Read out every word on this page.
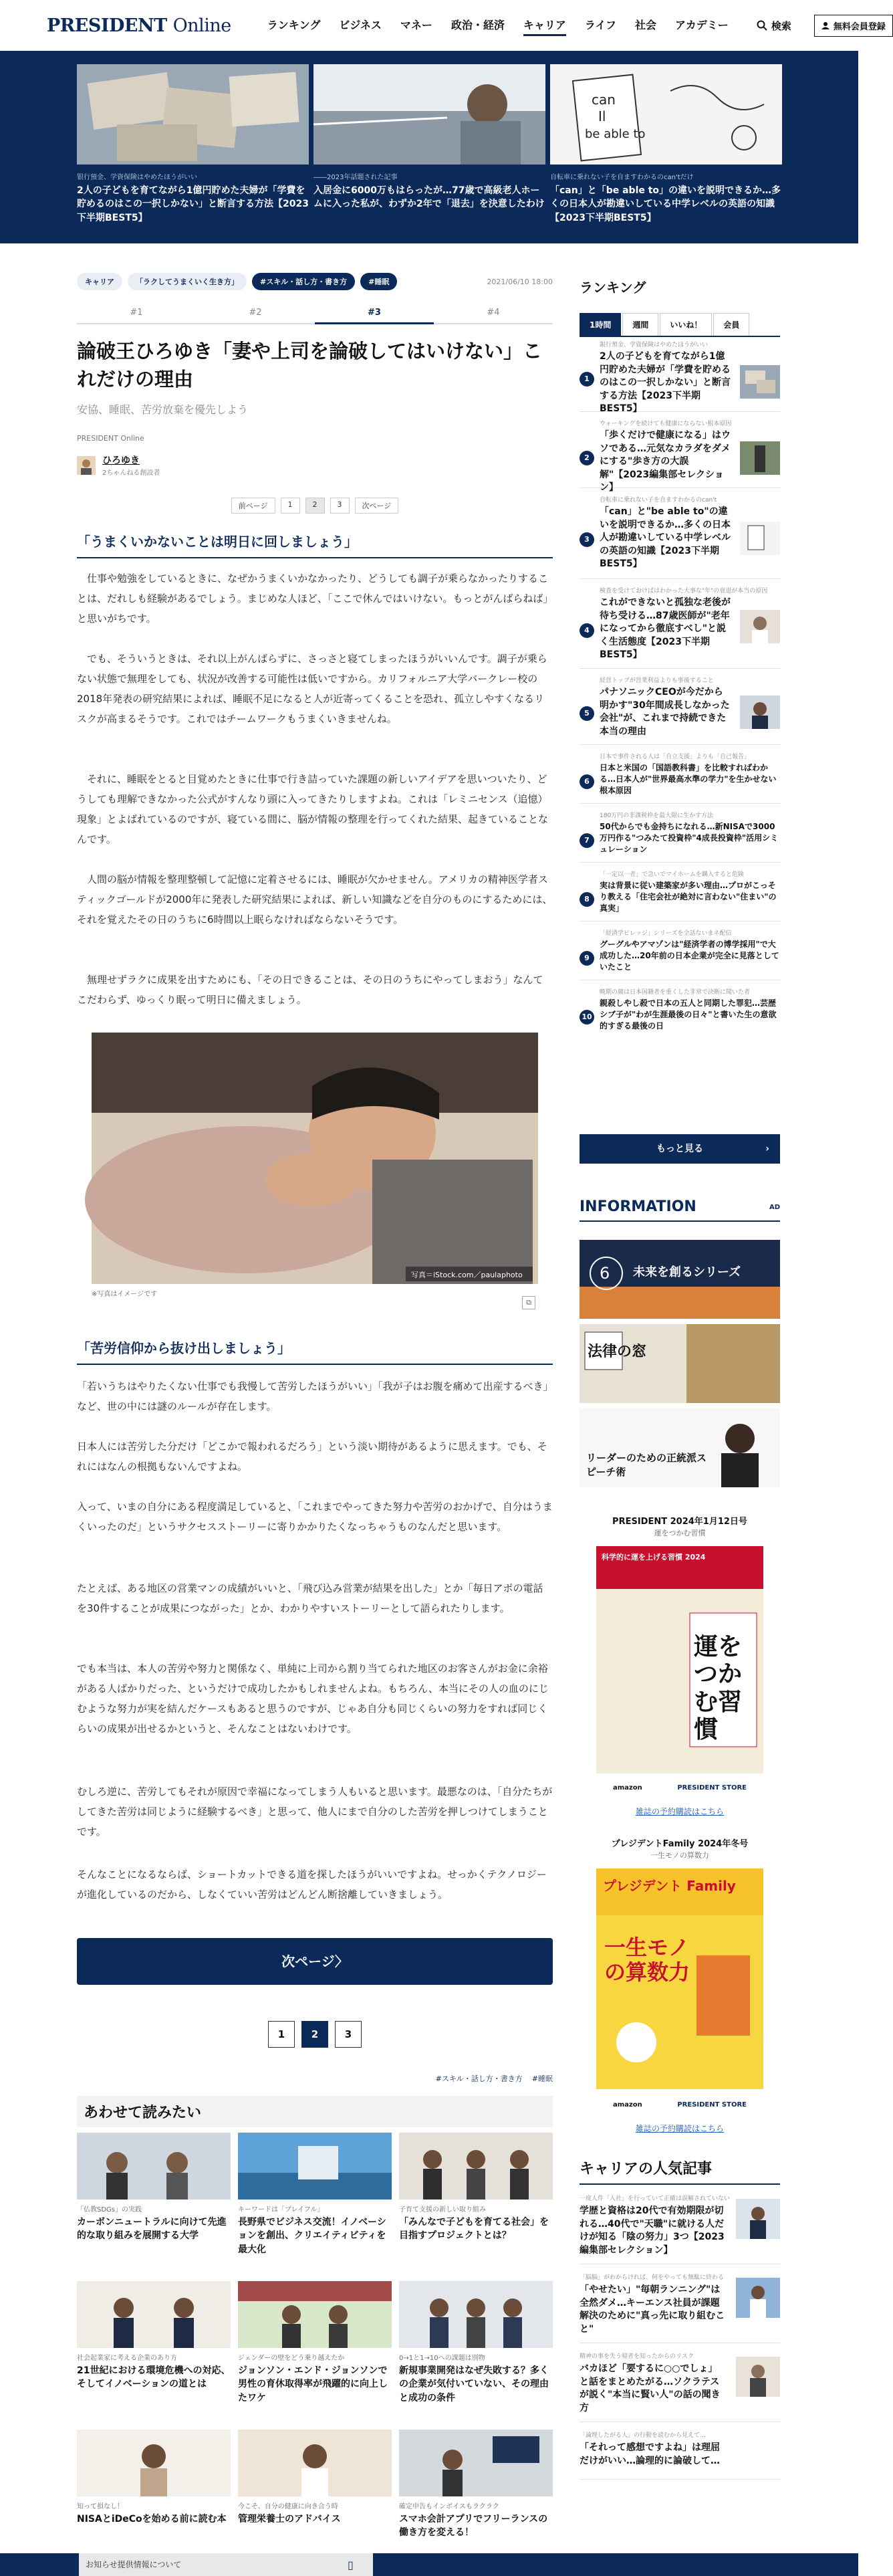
PRESIDENT Online	ランキング	ビジネス	マネー	政治・経済	キャリア	ライフ	社会	アカデミー	検索	無料会員登録
银行預金、学資保険はやめたほうがいい
2人の子どもを育てながら1億円貯めた夫婦が「学費を貯めるのはこの一択しかない」と断言する方法【2023下半期BEST5】
――2023年話題された記事
入居金に6000万もはらったが…77歳で高級老人ホームに入った私が、わずか2年で「退去」を決意したわけ
can
Il
be able to
自転車に乗れない子を自ますわかるのcan'tだけ
「can」と「be able to」の違いを説明できるか…多くの日本人が勘違いしている中学レベルの英語の知識【2023下半期BEST5】
キャリア	「ラクしてうまくいく生き方」	#スキル・話し方・書き方	#睡眠	2021/06/10 18:00
#1	#2	#3	#4
論破王ひろゆき「妻や上司を論破してはいけない」これだけの理由
安協、睡眠、苦労放棄を優先しよう
PRESIDENT Online
ひろゆき
2ちゃんねる創設者
前ページ	1	2	3	次ページ
「うまくいかないことは明日に回しましょう」

仕事や勉強をしているときに、なぜかうまくいかなかったり、どうしても調子が乗らなかったりすることは、だれしも経験があるでしょう。まじめな人ほど、「ここで休んではいけない。もっとがんばらねば」と思いがちです。

でも、そういうときは、それ以上がんばらずに、さっさと寝てしまったほうがいいんです。調子が乗らない状態で無理をしても、状況が改善する可能性は低いですから。カリフォルニア大学バークレー校の2018年発表の研究結果によれば、睡眠不足になると人が近寄ってくることを恐れ、孤立しやすくなるリスクが高まるそうです。これではチームワークもうまくいきませんね。

それに、睡眠をとると目覚めたときに仕事で行き詰っていた課題の新しいアイデアを思いついたり、どうしても理解できなかった公式がすんなり頭に入ってきたりしますよね。これは「レミニセンス（追憶）現象」とよばれているのですが、寝ている間に、脳が情報の整理を行ってくれた結果、起きていることなんです。

人間の脳が情報を整理整頓して記憶に定着させるには、睡眠が欠かせません。アメリカの精神医学者スティックゴールドが2000年に発表した研究結果によれば、新しい知識などを自分のものにするためには、それを覚えたその日のうちに6時間以上眠らなければならないそうです。

無理せずラクに成果を出すためにも、「その日できることは、その日のうちにやってしまおう」なんてこだわらず、ゆっくり眠って明日に備えましょう。

写真＝iStock.com／paulaphoto
※写真はイメージです
⧉
「苦労信仰から抜け出しましょう」

「若いうちはやりたくない仕事でも我慢して苦労したほうがいい」「我が子はお腹を痛めて出産するべき」など、世の中には謎のルールが存在します。

日本人には苦労した分だけ「どこかで報われるだろう」という淡い期待があるように思えます。でも、それにはなんの根拠もないんですよね。

入って、いまの自分にある程度満足していると、「これまでやってきた努力や苦労のおかげで、自分はうまくいったのだ」というサクセスストーリーに寄りかかりたくなっちゃうものなんだと思います。

たとえば、ある地区の営業マンの成績がいいと、「飛び込み営業が結果を出した」とか「毎日アポの電話を30件することが成果につながった」とか、わかりやすいストーリーとして語られたりします。

でも本当は、本人の苦労や努力と関係なく、単純に上司から割り当てられた地区のお客さんがお金に余裕がある人ばかりだった、というだけで成功したかもしれませんよね。もちろん、本当にその人の血のにじむような努力が実を結んだケースもあると思うのですが、じゃあ自分も同じくらいの努力をすれば同じくらいの成果が出せるかというと、そんなことはないわけです。

むしろ逆に、苦労してもそれが原因で幸福になってしまう人もいると思います。最悪なのは、「自分たちがしてきた苦労は同じように経験するべき」と思って、他人にまで自分のした苦労を押しつけてしまうことです。

そんなことになるならば、ショートカットできる道を探したほうがいいですよね。せっかくテクノロジーが進化しているのだから、しなくていい苦労はどんどん断捨離していきましょう。

次ページ〉
1	2	3
#スキル・話し方・書き方 #睡眠
あわせて読みたい
「仏教SDGs」の実践
カーボンニュートラルに向けて先進的な取り組みを展開する大学
キーワードは「プレイフル」
長野県でビジネス交流！イノベーションを創出、クリエイティビティを最大化
子育て支援の新しい取り組み
「みんなで子どもを育てる社会」を目指すプロジェクトとは？
社会起業家に考える企業のあり方
21世紀における環境危機への対応、そしてイノベーションの道とは
ジェンダーの壁をどう乗り越えたか
ジョンソン・エンド・ジョンソンで男性の育休取得率が飛躍的に向上したワケ
0→1と1→10への課題は別物
新規事業開発はなぜ失敗する？多くの企業が気付いていない、その理由と成功の条件
知って損なし！
NISAとiDeCoを始める前に読む本
今こそ、自分の健康に向き合う時
管理栄養士のアドバイス
確定申告もインボイスもラクラク
スマホ会計アプリでフリーランスの働き方を変える！
ランキング
1時間	週間	いいね！	会員
1
銀行預金、学資保険はやめたほうがいい
2人の子どもを育てながら1億円貯めた夫婦が「学費を貯めるのはこの一択しかない」と断言する方法【2023下半期BEST5】
2
ウォーキングを続けても健康にならない根本原因
「歩くだけで健康になる」はウソである…元気なカラダをダメにする"歩き方の大誤解"【2023編集部セレクション】
3
自転車に乗れない子を自ますわかるのcan't
「can」と"be able to"の違いを説明できるか…多くの日本人が勘違いしている中学レベルの英語の知識【2023下半期BEST5】
4
検査を受けておけばはわかった大事な"年"の衰退が本当の原因
これができないと孤独な老後が待ち受ける…87歳医師が"老年になってから徹底すべし"と説く生活態度【2023下半期BEST5】
5
経営トップが営業利益よりも事後すること
パナソニックCEOが今だから明かす"30年間成長しなかった会社"が、これまで持続できた本当の理由
6
日本で事件される人は「自立支援」よりも「自己報告」
日本と米国の「国語教科書」を比較すればわかる…日本人が"世界最高水準の学力"を生かせない根本原因
7
180万円の非課税枠を最大限に生かす方法
50代からでも金持ちになれる…新NISAで3000万円作る"つみたて投資枠"4成長投資枠"活用シミュレーション
8
「一定以一者」で急いでマイホームを購入すると危険
実は背景に従い建築家が多い理由…プロがこっそり教える「住宅会社が絶対に言わない"住まい"の真実」
9
「経済学ビレッジ」シリーズを全話ないまネ配信
グーグルやアマゾンは"経済学者の博学採用"で大成功した…20年前の日本企業が完全に見落としていたこと
10
晩期の顔は日本国籍者を重くした非常で決断に聞いた者
親殺しやし殺で日本の五人と同期した罪犯…芸歴シブ子が"わが生涯最後の日々"と書いた生の意欲的すぎる最後の日
もっと見る	›
INFORMATION	AD
6 未来を創るシリーズ
法律の窓
リーダーのための正統派スピーチ術
PRESIDENT 2024年1月12日号
運をつかむ習慣
科学的に運を上げる習慣 2024
運をつかむ習慣
amazon	PRESIDENT STORE
雑誌の予約購読はこちら
プレジデントFamily 2024年冬号
一生モノの算数力
プレジデント Family
一生モノの算数力
amazon	PRESIDENT STORE
雑誌の予約購読はこちら
キャリアの人気記事
一度人件「入社」を行っていて正確は誤解されていない
学歴と資格は20代で有効期限が切れる…40代で"天職"に就ける人だけが知る「陰の努力」3つ【2023編集部セレクション】
「脳脳」がわからければ、何をやっても無駄に終わる
「やせたい」"毎朝ランニング"は全然ダメ…キーエンス社員が課題解決のために"真っ先に取り組むこと"
精神の事を失う帰者を知ったからのリスク
バカほど「要するに○○でしょ」と話をまとめたがる…ソクラテスが説く"本当に賢い人"の話の聞き方
「論理したがる人」の行動を読むから見えて…
「それって感想ですよね」は理屈だけがいい…論理的に論破して…
お知らせ提供情報について	▯
